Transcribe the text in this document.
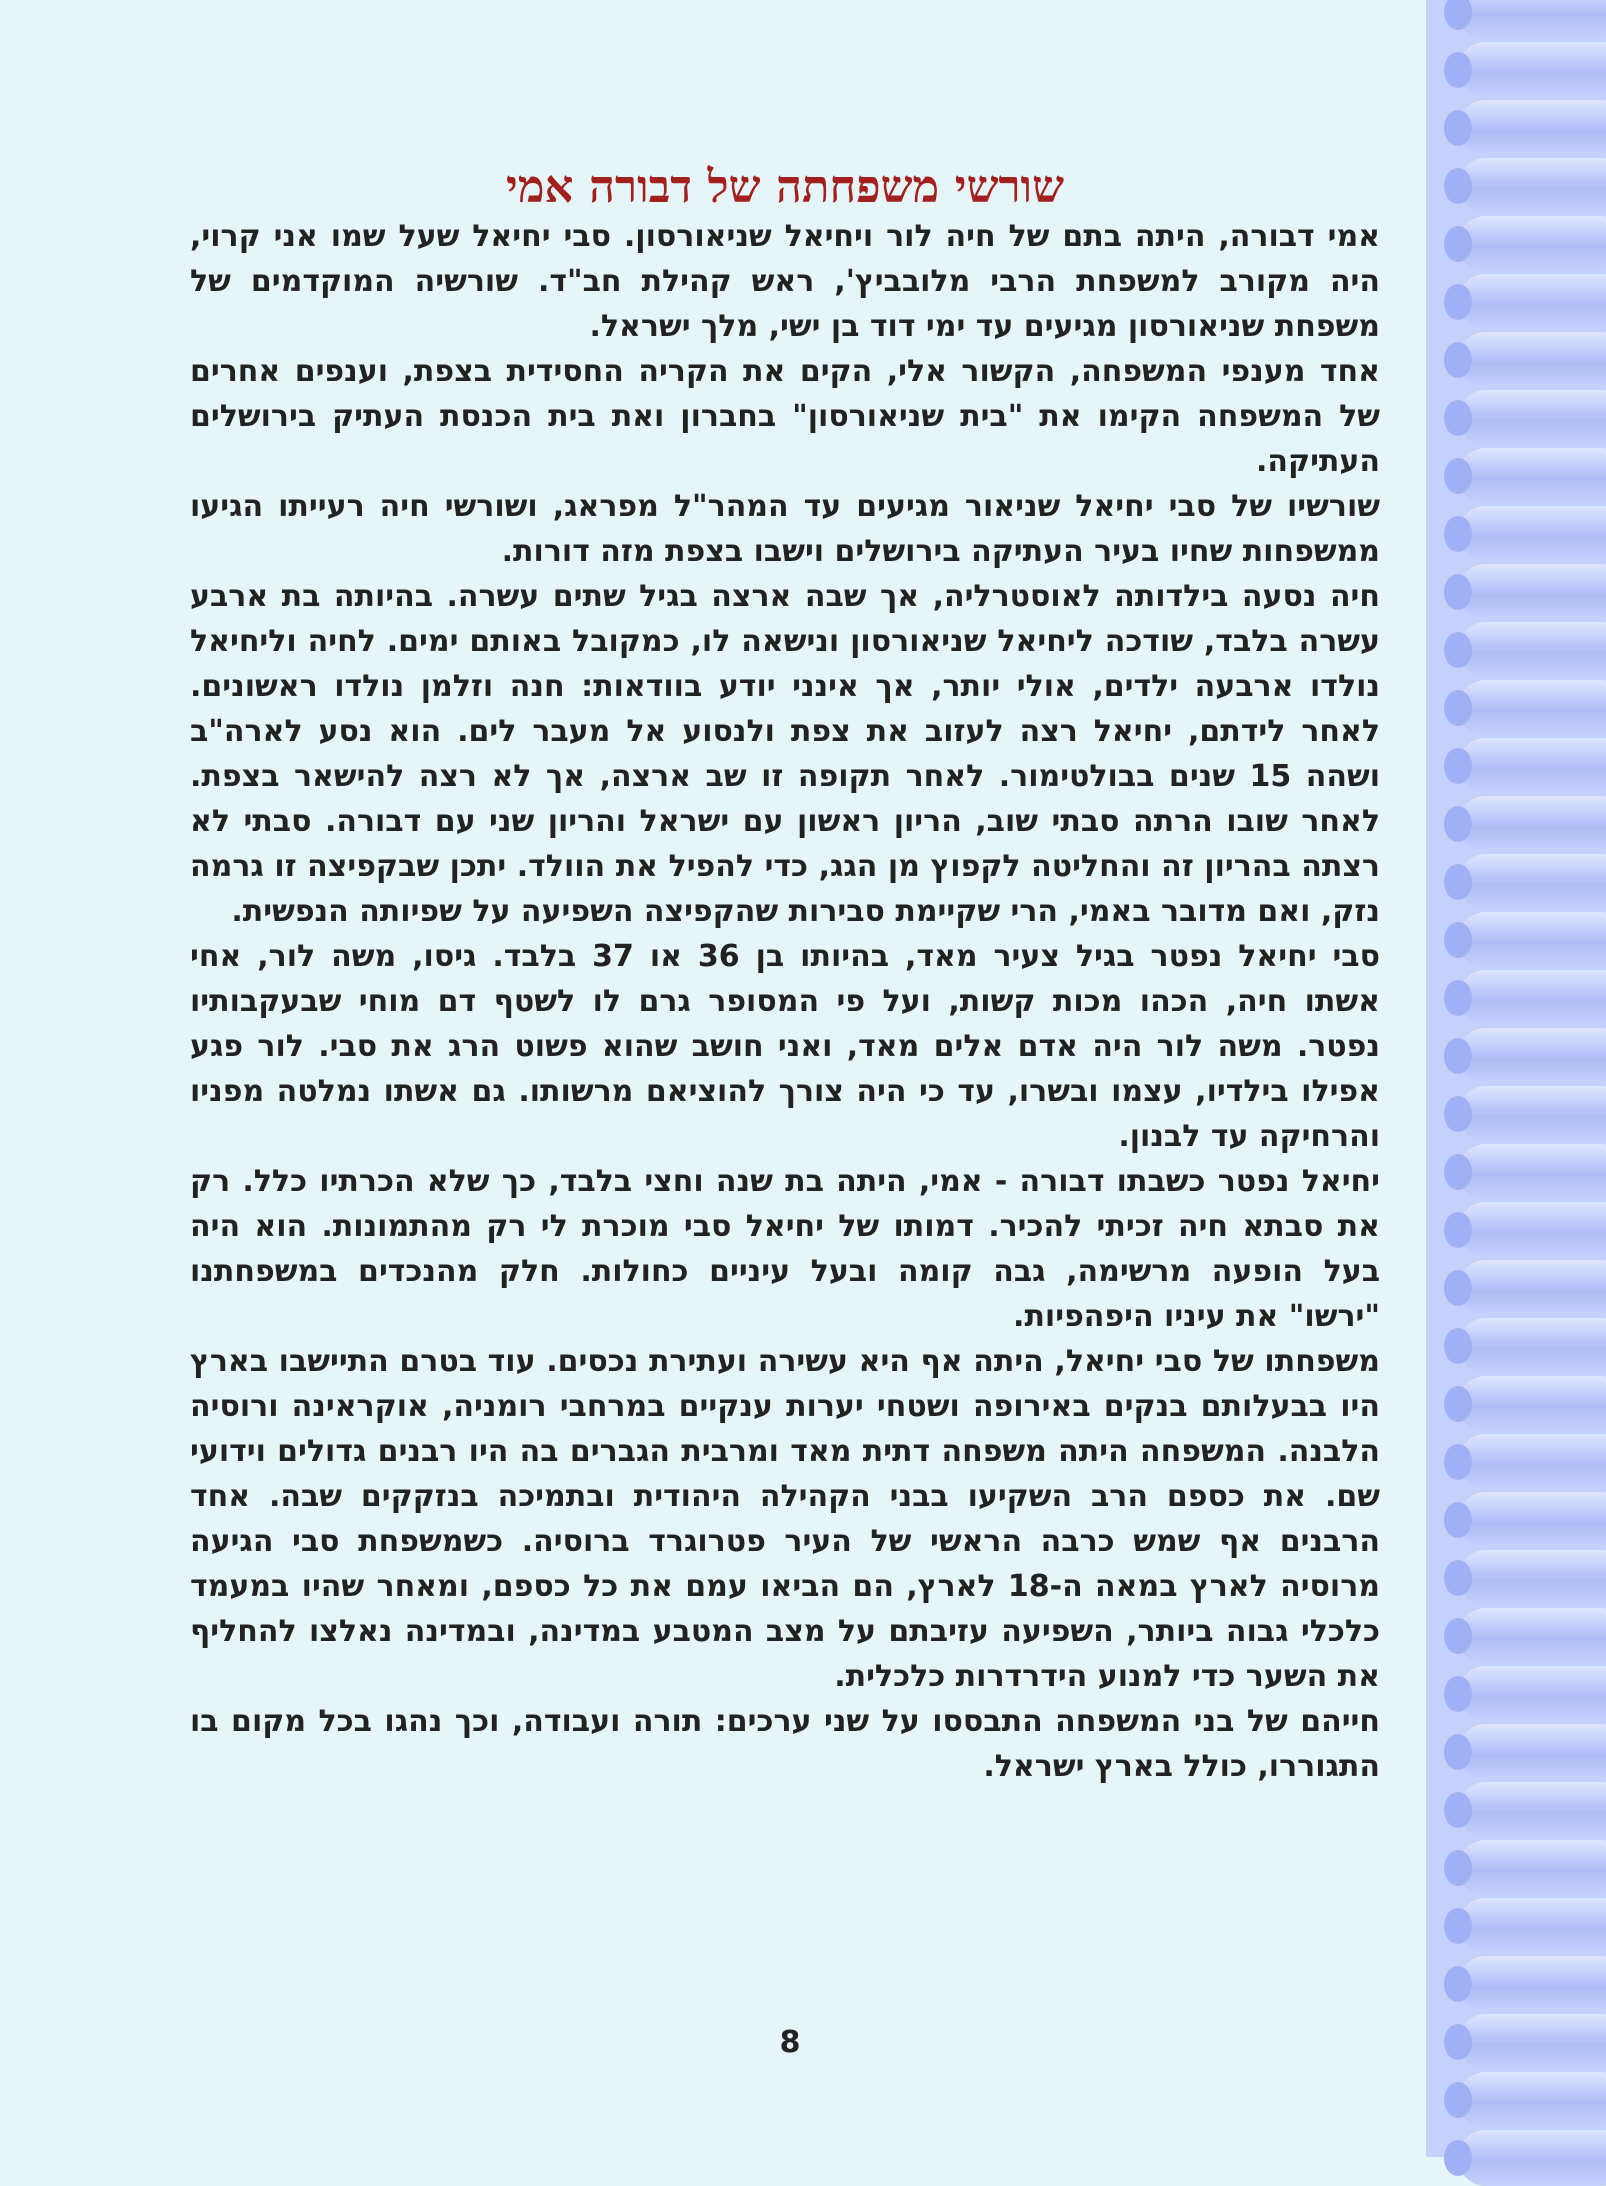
שורשי משפחתה של דבורה אמי

אמי דבורה, היתה בתם של חיה לור ויחיאל שניאורסון. סבי יחיאל שעל שמו אני קרוי, היה מקורב למשפחת הרבי מלובביץ', ראש קהילת חב"ד. שורשיה המוקדמים של משפחת שניאורסון מגיעים עד ימי דוד בן ישי, מלך ישראל.

אחד מענפי המשפחה, הקשור אלי, הקים את הקריה החסידית בצפת, וענפים אחרים של המשפחה הקימו את "בית שניאורסון" בחברון ואת בית הכנסת העתיק בירושלים העתיקה.

שורשיו של סבי יחיאל שניאור מגיעים עד המהר"ל מפראג, ושורשי חיה רעייתו הגיעו ממשפחות שחיו בעיר העתיקה בירושלים וישבו בצפת מזה דורות.

חיה נסעה בילדותה לאוסטרליה, אך שבה ארצה בגיל שתים עשרה. בהיותה בת ארבע עשרה בלבד, שודכה ליחיאל שניאורסון ונישאה לו, כמקובל באותם ימים. לחיה וליחיאל נולדו ארבעה ילדים, אולי יותר, אך אינני יודע בוודאות: חנה וזלמן נולדו ראשונים. לאחר לידתם, יחיאל רצה לעזוב את צפת ולנסוע אל מעבר לים. הוא נסע לארה"ב ושהה 15 שנים בבולטימור. לאחר תקופה זו שב ארצה, אך לא רצה להישאר בצפת. לאחר שובו הרתה סבתי שוב, הריון ראשון עם ישראל והריון שני עם דבורה. סבתי לא רצתה בהריון זה והחליטה לקפוץ מן הגג, כדי להפיל את הוולד. יתכן שבקפיצה זו גרמה נזק, ואם מדובר באמי, הרי שקיימת סבירות שהקפיצה השפיעה על שפיותה הנפשית.

סבי יחיאל נפטר בגיל צעיר מאד, בהיותו בן 36 או 37 בלבד. גיסו, משה לור, אחי אשתו חיה, הכהו מכות קשות, ועל פי המסופר גרם לו לשטף דם מוחי שבעקבותיו נפטר. משה לור היה אדם אלים מאד, ואני חושב שהוא פשוט הרג את סבי. לור פגע אפילו בילדיו, עצמו ובשרו, עד כי היה צורך להוציאם מרשותו. גם אשתו נמלטה מפניו והרחיקה עד לבנון.

יחיאל נפטר כשבתו דבורה - אמי, היתה בת שנה וחצי בלבד, כך שלא הכרתיו כלל. רק את סבתא חיה זכיתי להכיר. דמותו של יחיאל סבי מוכרת לי רק מהתמונות. הוא היה בעל הופעה מרשימה, גבה קומה ובעל עיניים כחולות. חלק מהנכדים במשפחתנו "ירשו" את עיניו היפהפיות.

משפחתו של סבי יחיאל, היתה אף היא עשירה ועתירת נכסים. עוד בטרם התיישבו בארץ היו בבעלותם בנקים באירופה ושטחי יערות ענקיים במרחבי רומניה, אוקראינה ורוסיה הלבנה. המשפחה היתה משפחה דתית מאד ומרבית הגברים בה היו רבנים גדולים וידועי שם. את כספם הרב השקיעו בבני הקהילה היהודית ובתמיכה בנזקקים שבה. אחד הרבנים אף שמש כרבה הראשי של העיר פטרוגרד ברוסיה. כשמשפחת סבי הגיעה מרוסיה לארץ במאה ה-18 לארץ, הם הביאו עמם את כל כספם, ומאחר שהיו במעמד כלכלי גבוה ביותר, השפיעה עזיבתם על מצב המטבע במדינה, ובמדינה נאלצו להחליף את השער כדי למנוע הידרדרות כלכלית.

חייהם של בני המשפחה התבססו על שני ערכים: תורה ועבודה, וכך נהגו בכל מקום בו התגוררו, כולל בארץ ישראל.

8
